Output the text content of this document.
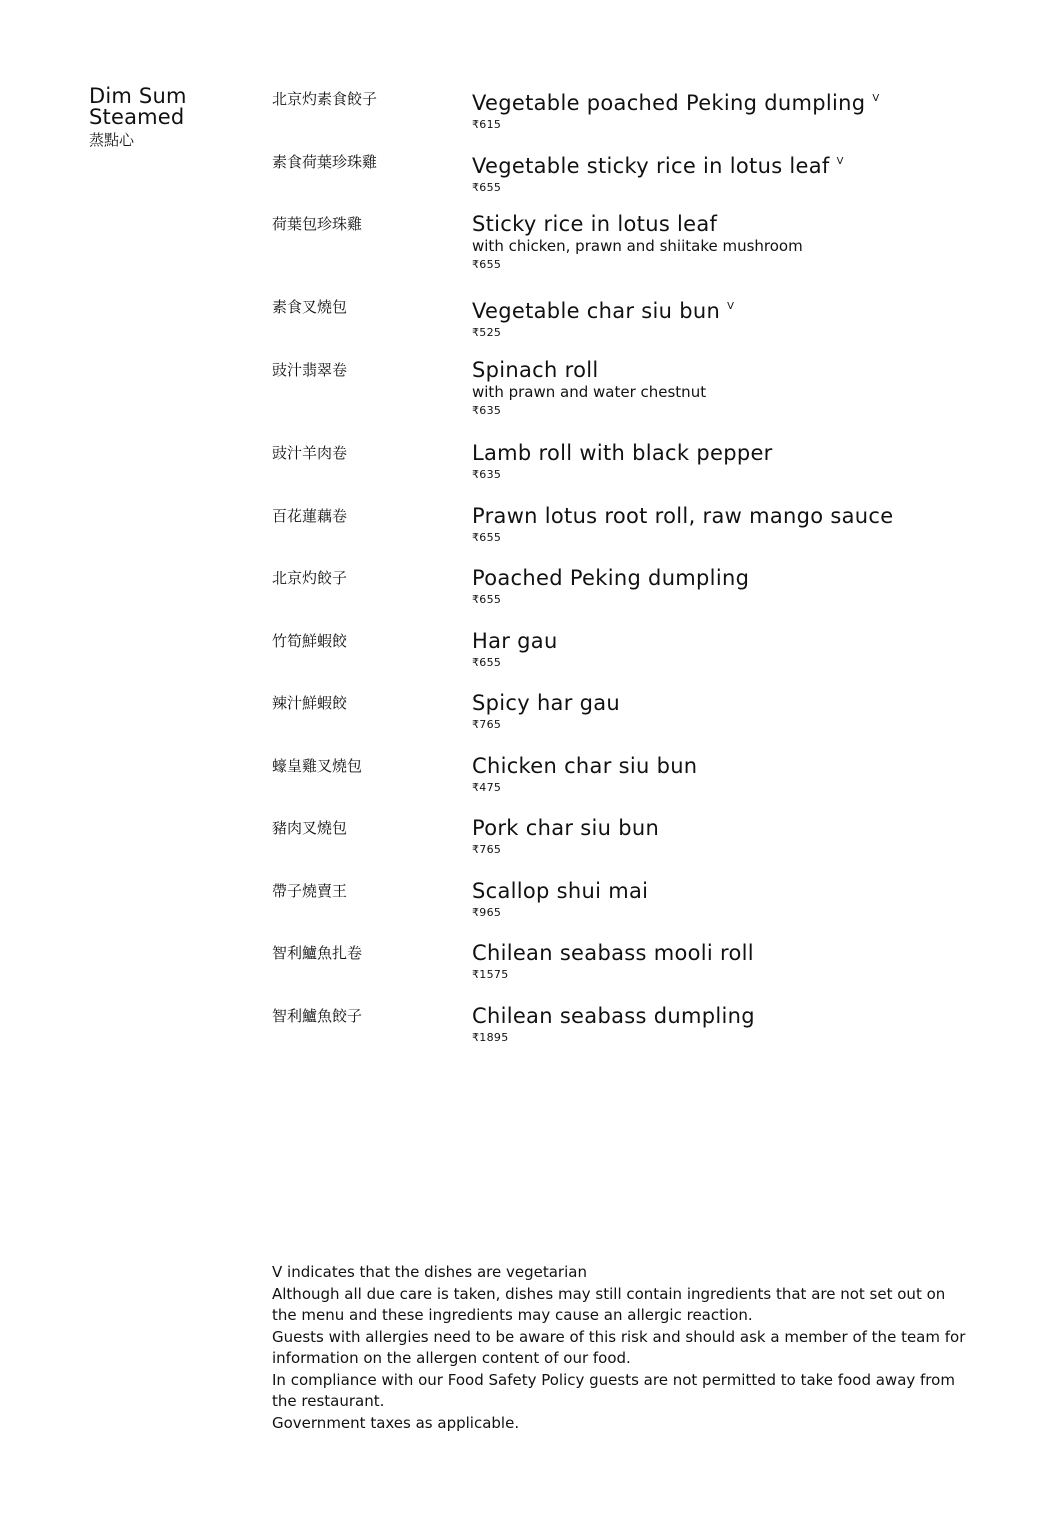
Dim Sum
Steamed
蒸點心
北京灼素食餃子	Vegetable poached Peking dumpling $^V$
₹615
素食荷葉珍珠雞	Vegetable sticky rice in lotus leaf $^V$
₹655
荷葉包珍珠雞	Sticky rice in lotus leaf
with chicken, prawn and shiitake mushroom
₹655
素食叉燒包	Vegetable char siu bun $^V$
₹525
豉汁翡翠卷	Spinach roll
with prawn and water chestnut
₹635
豉汁羊肉卷	Lamb roll with black pepper
₹635
百花蓮藕卷	Prawn lotus root roll, raw mango sauce
₹655
北京灼餃子	Poached Peking dumpling
₹655
竹筍鮮蝦餃	Har gau
₹655
辣汁鮮蝦餃	Spicy har gau
₹765
蠔皇雞叉燒包	Chicken char siu bun
₹475
豬肉叉燒包	Pork char siu bun
₹765
帶子燒賣王	Scallop shui mai
₹965
智利鱸魚扎卷	Chilean seabass mooli roll
₹1575
智利鱸魚餃子	Chilean seabass dumpling
₹1895

V indicates that the dishes are vegetarian

Although all due care is taken, dishes may still contain ingredients that are not set out on the menu and these ingredients may cause an allergic reaction.

Guests with allergies need to be aware of this risk and should ask a member of the team for information on the allergen content of our food.

In compliance with our Food Safety Policy guests are not permitted to take food away from the restaurant.

Government taxes as applicable.
